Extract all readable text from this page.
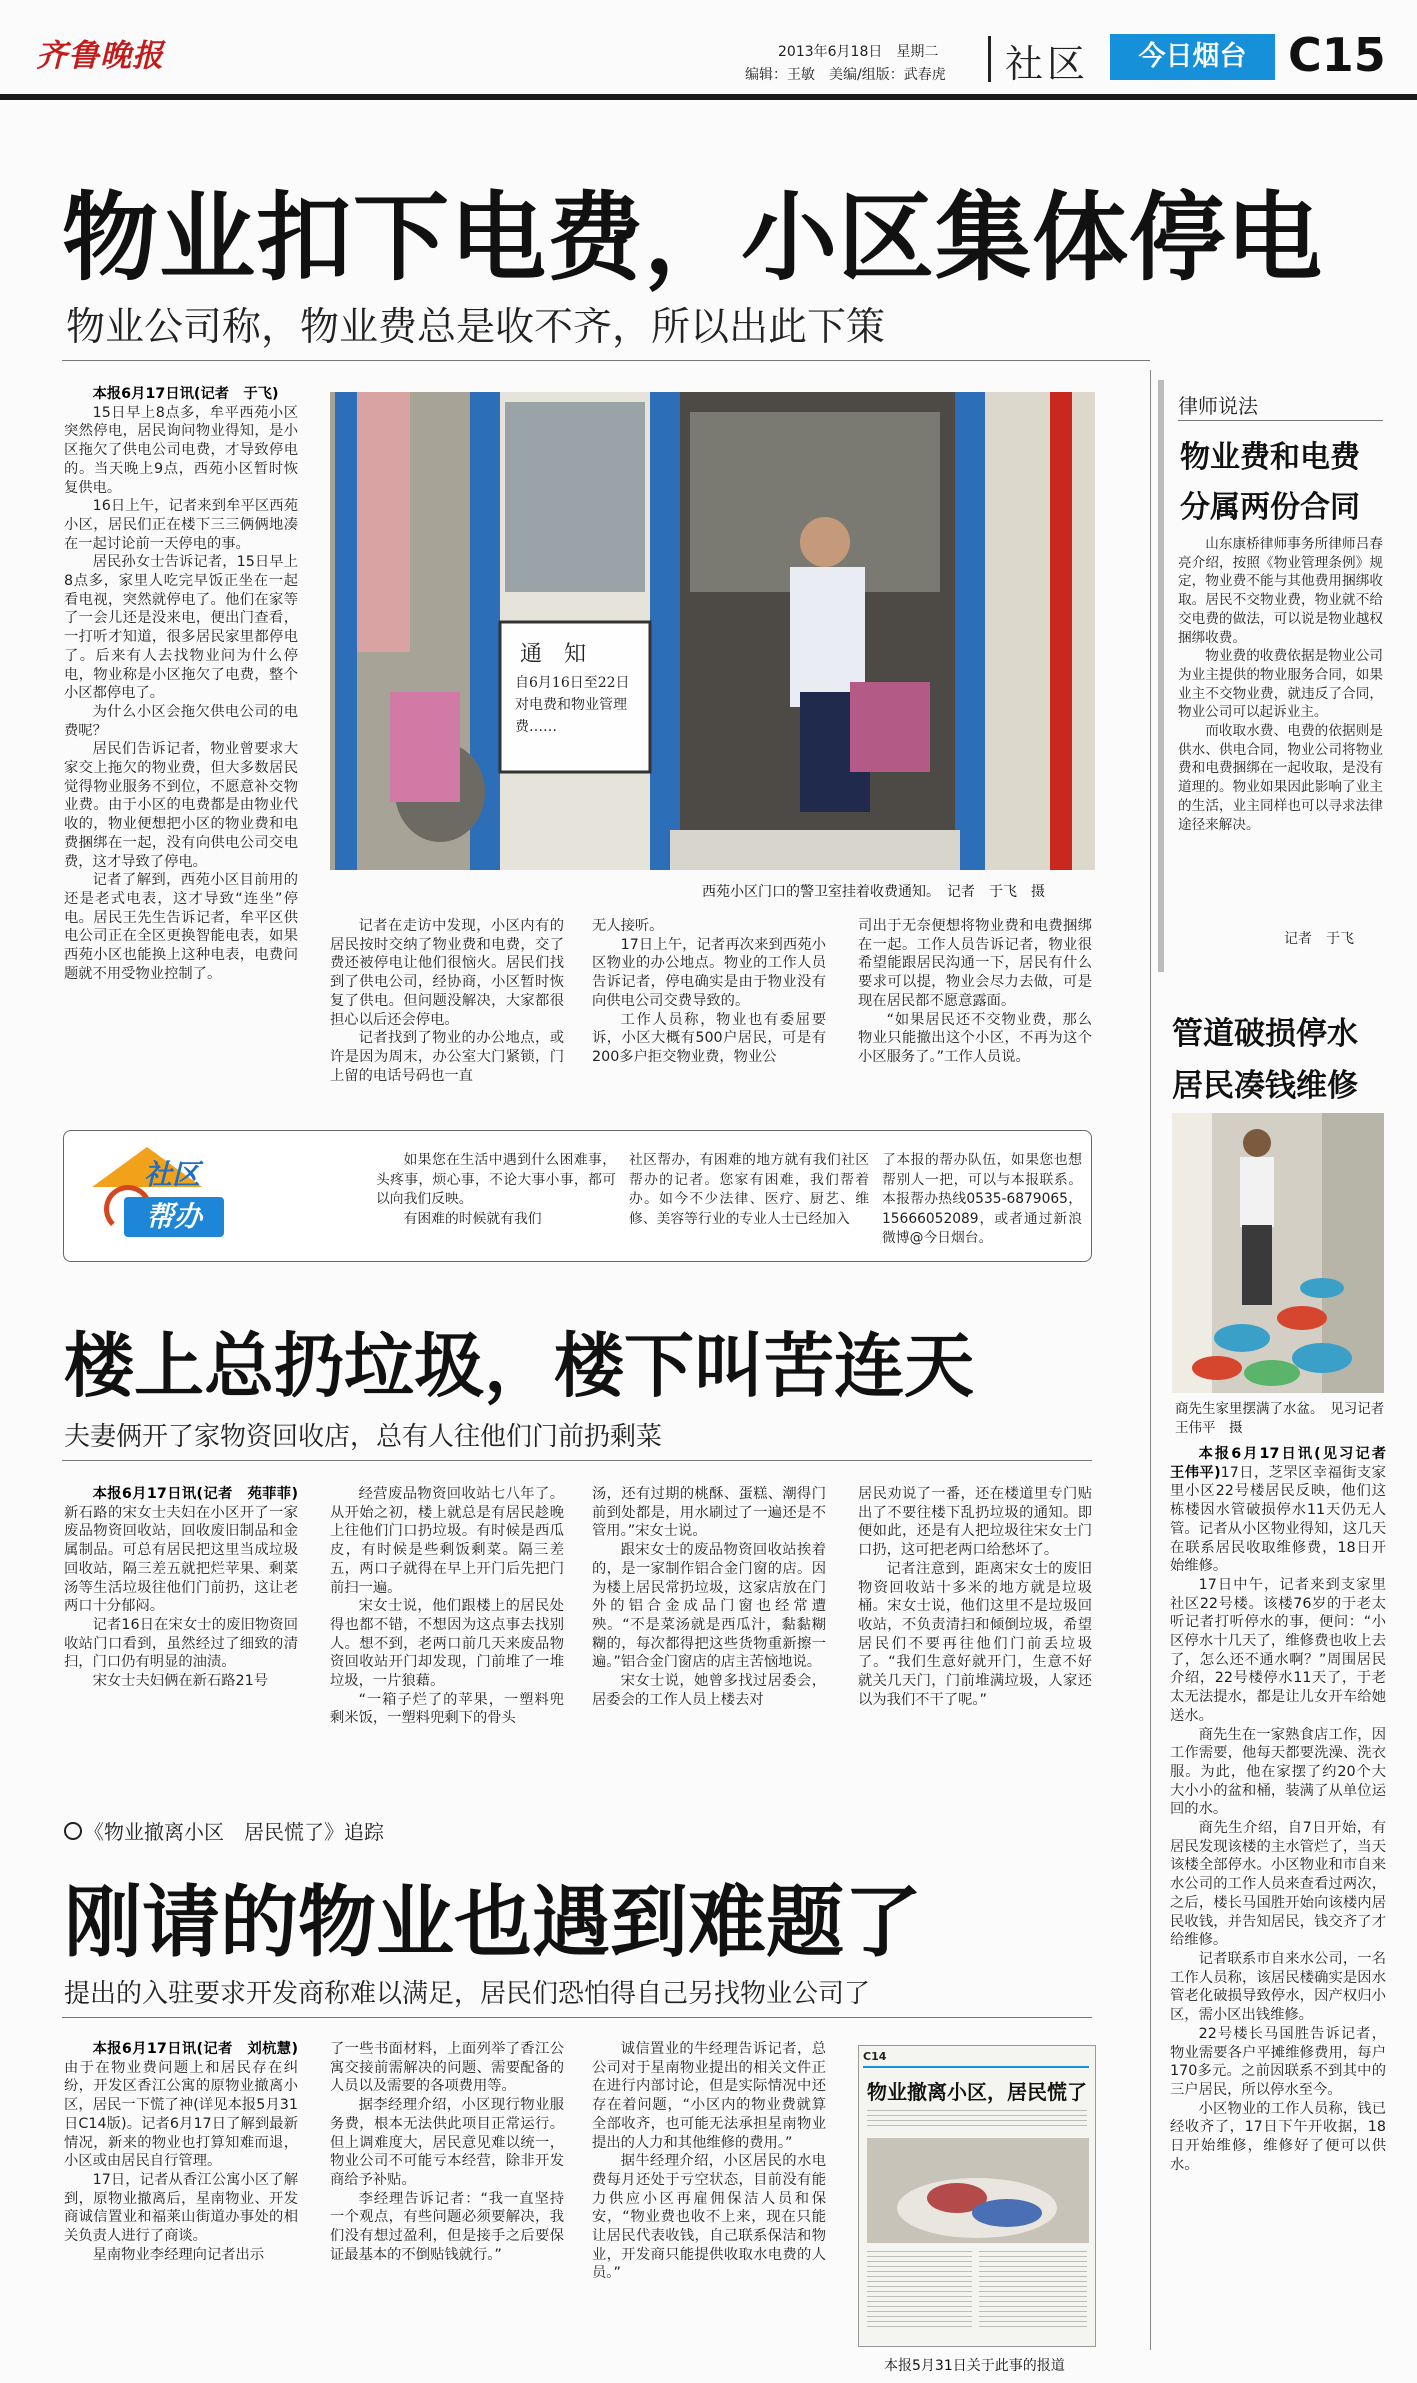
齐鲁晚报	2013年6月18日　星期二
编辑：王敏　美编/组版：武春虎 社区	今日烟台 C15
物业扣下电费，小区集体停电
物业公司称，物业费总是收不齐，所以出此下策

本报6月17日讯(记者　于飞)

15日早上8点多，牟平西苑小区突然停电，居民询问物业得知，是小区拖欠了供电公司电费，才导致停电的。当天晚上9点，西苑小区暂时恢复供电。

16日上午，记者来到牟平区西苑小区，居民们正在楼下三三俩俩地凑在一起讨论前一天停电的事。

居民孙女士告诉记者，15日早上8点多，家里人吃完早饭正坐在一起看电视，突然就停电了。他们在家等了一会儿还是没来电，便出门查看，一打听才知道，很多居民家里都停电了。后来有人去找物业问为什么停电，物业称是小区拖欠了电费，整个小区都停电了。

为什么小区会拖欠供电公司的电费呢？

居民们告诉记者，物业曾要求大家交上拖欠的物业费，但大多数居民觉得物业服务不到位，不愿意补交物业费。由于小区的电费都是由物业代收的，物业便想把小区的物业费和电费捆绑在一起，没有向供电公司交电费，这才导致了停电。

记者了解到，西苑小区目前用的还是老式电表，这才导致“连坐”停电。居民王先生告诉记者，牟平区供电公司正在全区更换智能电表，如果西苑小区也能换上这种电表，电费问题就不用受物业控制了。

通　知
自6月16日至22日对电费和物业管理费……
西苑小区门口的警卫室挂着收费通知。　记者　于飞　摄

记者在走访中发现，小区内有的居民按时交纳了物业费和电费，交了费还被停电让他们很恼火。居民们找到了供电公司，经协商，小区暂时恢复了供电。但问题没解决，大家都很担心以后还会停电。

记者找到了物业的办公地点，或许是因为周末，办公室大门紧锁，门上留的电话号码也一直

无人接听。

17日上午，记者再次来到西苑小区物业的办公地点。物业的工作人员告诉记者，停电确实是由于物业没有向供电公司交费导致的。

工作人员称，物业也有委屈要诉，小区大概有500户居民，可是有200多户拒交物业费，物业公

司出于无奈便想将物业费和电费捆绑在一起。工作人员告诉记者，物业很希望能跟居民沟通一下，居民有什么要求可以提，物业会尽力去做，可是现在居民都不愿意露面。

“如果居民还不交物业费，那么物业只能撤出这个小区，不再为这个小区服务了。”工作人员说。

社区
帮办

如果您在生活中遇到什么困难事，头疼事，烦心事，不论大事小事，都可以向我们反映。

有困难的时候就有我们

社区帮办，有困难的地方就有我们社区帮办的记者。您家有困难，我们帮着办。如今不少法律、医疗、厨艺、维修、美容等行业的专业人士已经加入

了本报的帮办队伍，如果您也想帮别人一把，可以与本报联系。本报帮办热线0535-6879065，15666052089，或者通过新浪微博@今日烟台。

律师说法
物业费和电费
分属两份合同

山东康桥律师事务所律师吕春亮介绍，按照《物业管理条例》规定，物业费不能与其他费用捆绑收取。居民不交物业费，物业就不给交电费的做法，可以说是物业越权捆绑收费。

物业费的收费依据是物业公司为业主提供的物业服务合同，如果业主不交物业费，就违反了合同，物业公司可以起诉业主。

而收取水费、电费的依据则是供水、供电合同，物业公司将物业费和电费捆绑在一起收取，是没有道理的。物业如果因此影响了业主的生活，业主同样也可以寻求法律途径来解决。

记者　于飞
管道破损停水
居民凑钱维修
商先生家里摆满了水盆。　见习记者　王伟平　摄

本报6月17日讯(见习记者　王伟平)17日，芝罘区幸福街支家里小区22号楼居民反映，他们这栋楼因水管破损停水11天仍无人管。记者从小区物业得知，这几天在联系居民收取维修费，18日开始维修。

17日中午，记者来到支家里社区22号楼。该楼76岁的于老太听记者打听停水的事，便问：“小区停水十几天了，维修费也收上去了，怎么还不通水啊？”周围居民介绍，22号楼停水11天了，于老太无法提水，都是让儿女开车给她送水。

商先生在一家熟食店工作，因工作需要，他每天都要洗澡、洗衣服。为此，他在家摆了约20个大大小小的盆和桶，装满了从单位运回的水。

商先生介绍，自7日开始，有居民发现该楼的主水管烂了，当天该楼全部停水。小区物业和市自来水公司的工作人员来查看过两次，之后，楼长马国胜开始向该楼内居民收钱，并告知居民，钱交齐了才给维修。

记者联系市自来水公司，一名工作人员称，该居民楼确实是因水管老化破损导致停水，因产权归小区，需小区出钱维修。

22号楼长马国胜告诉记者，物业需要各户平摊维修费用，每户170多元。之前因联系不到其中的三户居民，所以停水至今。

小区物业的工作人员称，钱已经收齐了，17日下午开收据，18日开始维修，维修好了便可以供水。

楼上总扔垃圾，楼下叫苦连天
夫妻俩开了家物资回收店，总有人往他们门前扔剩菜

本报6月17日讯(记者　苑菲菲)新石路的宋女士夫妇在小区开了一家废品物资回收站，回收废旧制品和金属制品。可总有居民把这里当成垃圾回收站，隔三差五就把烂苹果、剩菜汤等生活垃圾往他们门前扔，这让老两口十分郁闷。

记者16日在宋女士的废旧物资回收站门口看到，虽然经过了细致的清扫，门口仍有明显的油渍。

宋女士夫妇俩在新石路21号

经营废品物资回收站七八年了。从开始之初，楼上就总是有居民趁晚上往他们门口扔垃圾。有时候是西瓜皮，有时候是些剩饭剩菜。隔三差五，两口子就得在早上开门后先把门前扫一遍。

宋女士说，他们跟楼上的居民处得也都不错，不想因为这点事去找别人。想不到，老两口前几天来废品物资回收站开门却发现，门前堆了一堆垃圾，一片狼藉。

“一箱子烂了的苹果，一塑料兜剩米饭，一塑料兜剩下的骨头

汤，还有过期的桃酥、蛋糕、潮得门前到处都是，用水刷过了一遍还是不管用。”宋女士说。

跟宋女士的废品物资回收站挨着的，是一家制作铝合金门窗的店。因为楼上居民常扔垃圾，这家店放在门外的铝合金成品门窗也经常遭殃。“不是菜汤就是西瓜汁，黏黏糊糊的，每次都得把这些货物重新擦一遍。”铝合金门窗店的店主苦恼地说。

宋女士说，她曾多找过居委会，居委会的工作人员上楼去对

居民劝说了一番，还在楼道里专门贴出了不要往楼下乱扔垃圾的通知。即便如此，还是有人把垃圾往宋女士门口扔，这可把老两口给愁坏了。

记者注意到，距离宋女士的废旧物资回收站十多米的地方就是垃圾桶。宋女士说，他们这里不是垃圾回收站，不负责清扫和倾倒垃圾，希望居民们不要再往他们门前丢垃圾了。“我们生意好就开门，生意不好就关几天门，门前堆满垃圾，人家还以为我们不干了呢。”

《物业撤离小区　居民慌了》追踪
刚请的物业也遇到难题了
提出的入驻要求开发商称难以满足，居民们恐怕得自己另找物业公司了

本报6月17日讯(记者　刘杭慧)由于在物业费问题上和居民存在纠纷，开发区香江公寓的原物业撤离小区，居民一下慌了神(详见本报5月31日C14版)。记者6月17日了解到最新情况，新来的物业也打算知难而退，小区或由居民自行管理。

17日，记者从香江公寓小区了解到，原物业撤离后，星南物业、开发商诚信置业和福莱山街道办事处的相关负责人进行了商谈。

星南物业李经理向记者出示

了一些书面材料，上面列举了香江公寓交接前需解决的问题、需要配备的人员以及需要的各项费用等。

据李经理介绍，小区现行物业服务费，根本无法供此项目正常运行。但上调难度大，居民意见难以统一，物业公司不可能亏本经营，除非开发商给予补贴。

李经理告诉记者：“我一直坚持一个观点，有些问题必须要解决，我们没有想过盈利，但是接手之后要保证最基本的不倒贴钱就行。”

诚信置业的牛经理告诉记者，总公司对于星南物业提出的相关文件正在进行内部讨论，但是实际情况中还存在着问题，“小区内的物业费就算全部收齐，也可能无法承担星南物业提出的人力和其他维修的费用。”

据牛经理介绍，小区居民的水电费每月还处于亏空状态，目前没有能力供应小区再雇佣保洁人员和保安，“物业费也收不上来，现在只能让居民代表收钱，自己联系保洁和物业，开发商只能提供收取水电费的人员。”

C14
物业撤离小区，居民慌了
本报5月31日关于此事的报道
